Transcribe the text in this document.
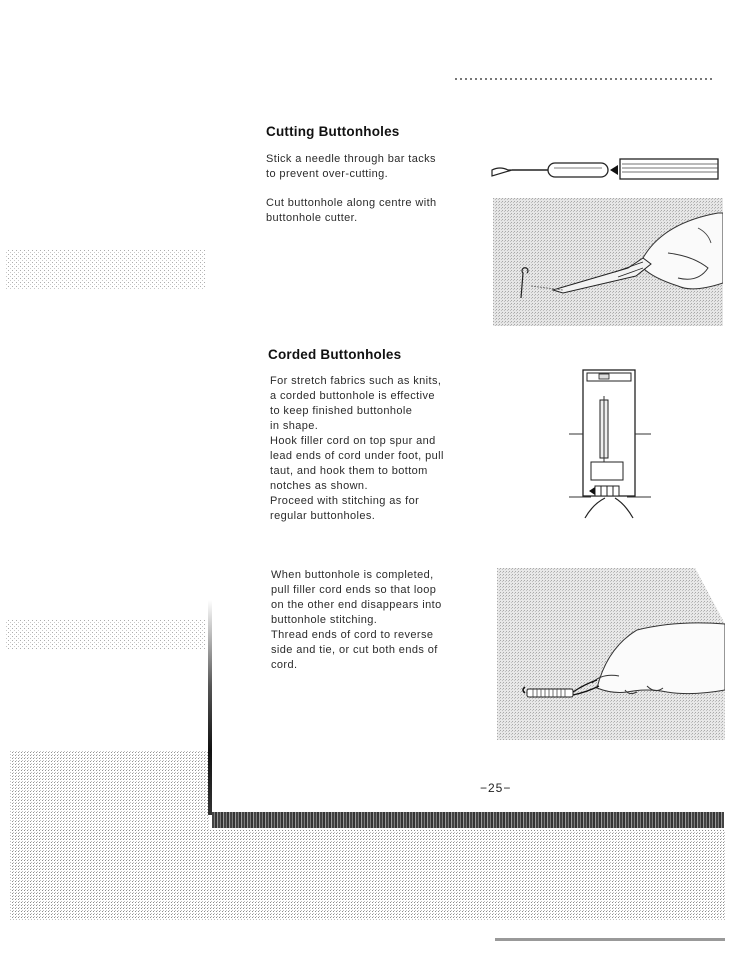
Cutting Buttonholes

Stick a needle through bar tacks
to prevent over-cutting.

Cut buttonhole along centre with
buttonhole cutter.

Corded Buttonholes

For stretch fabrics such as knits,
a corded buttonhole is effective
to keep finished buttonhole
in shape.
Hook filler cord on top spur and
lead ends of cord under foot, pull
taut, and hook them to bottom
notches as shown.
Proceed with stitching as for
regular buttonholes.

When buttonhole is completed,
pull filler cord ends so that loop
on the other end disappears into
buttonhole stitching.
Thread ends of cord to reverse
side and tie, or cut both ends of
cord.

−25−
